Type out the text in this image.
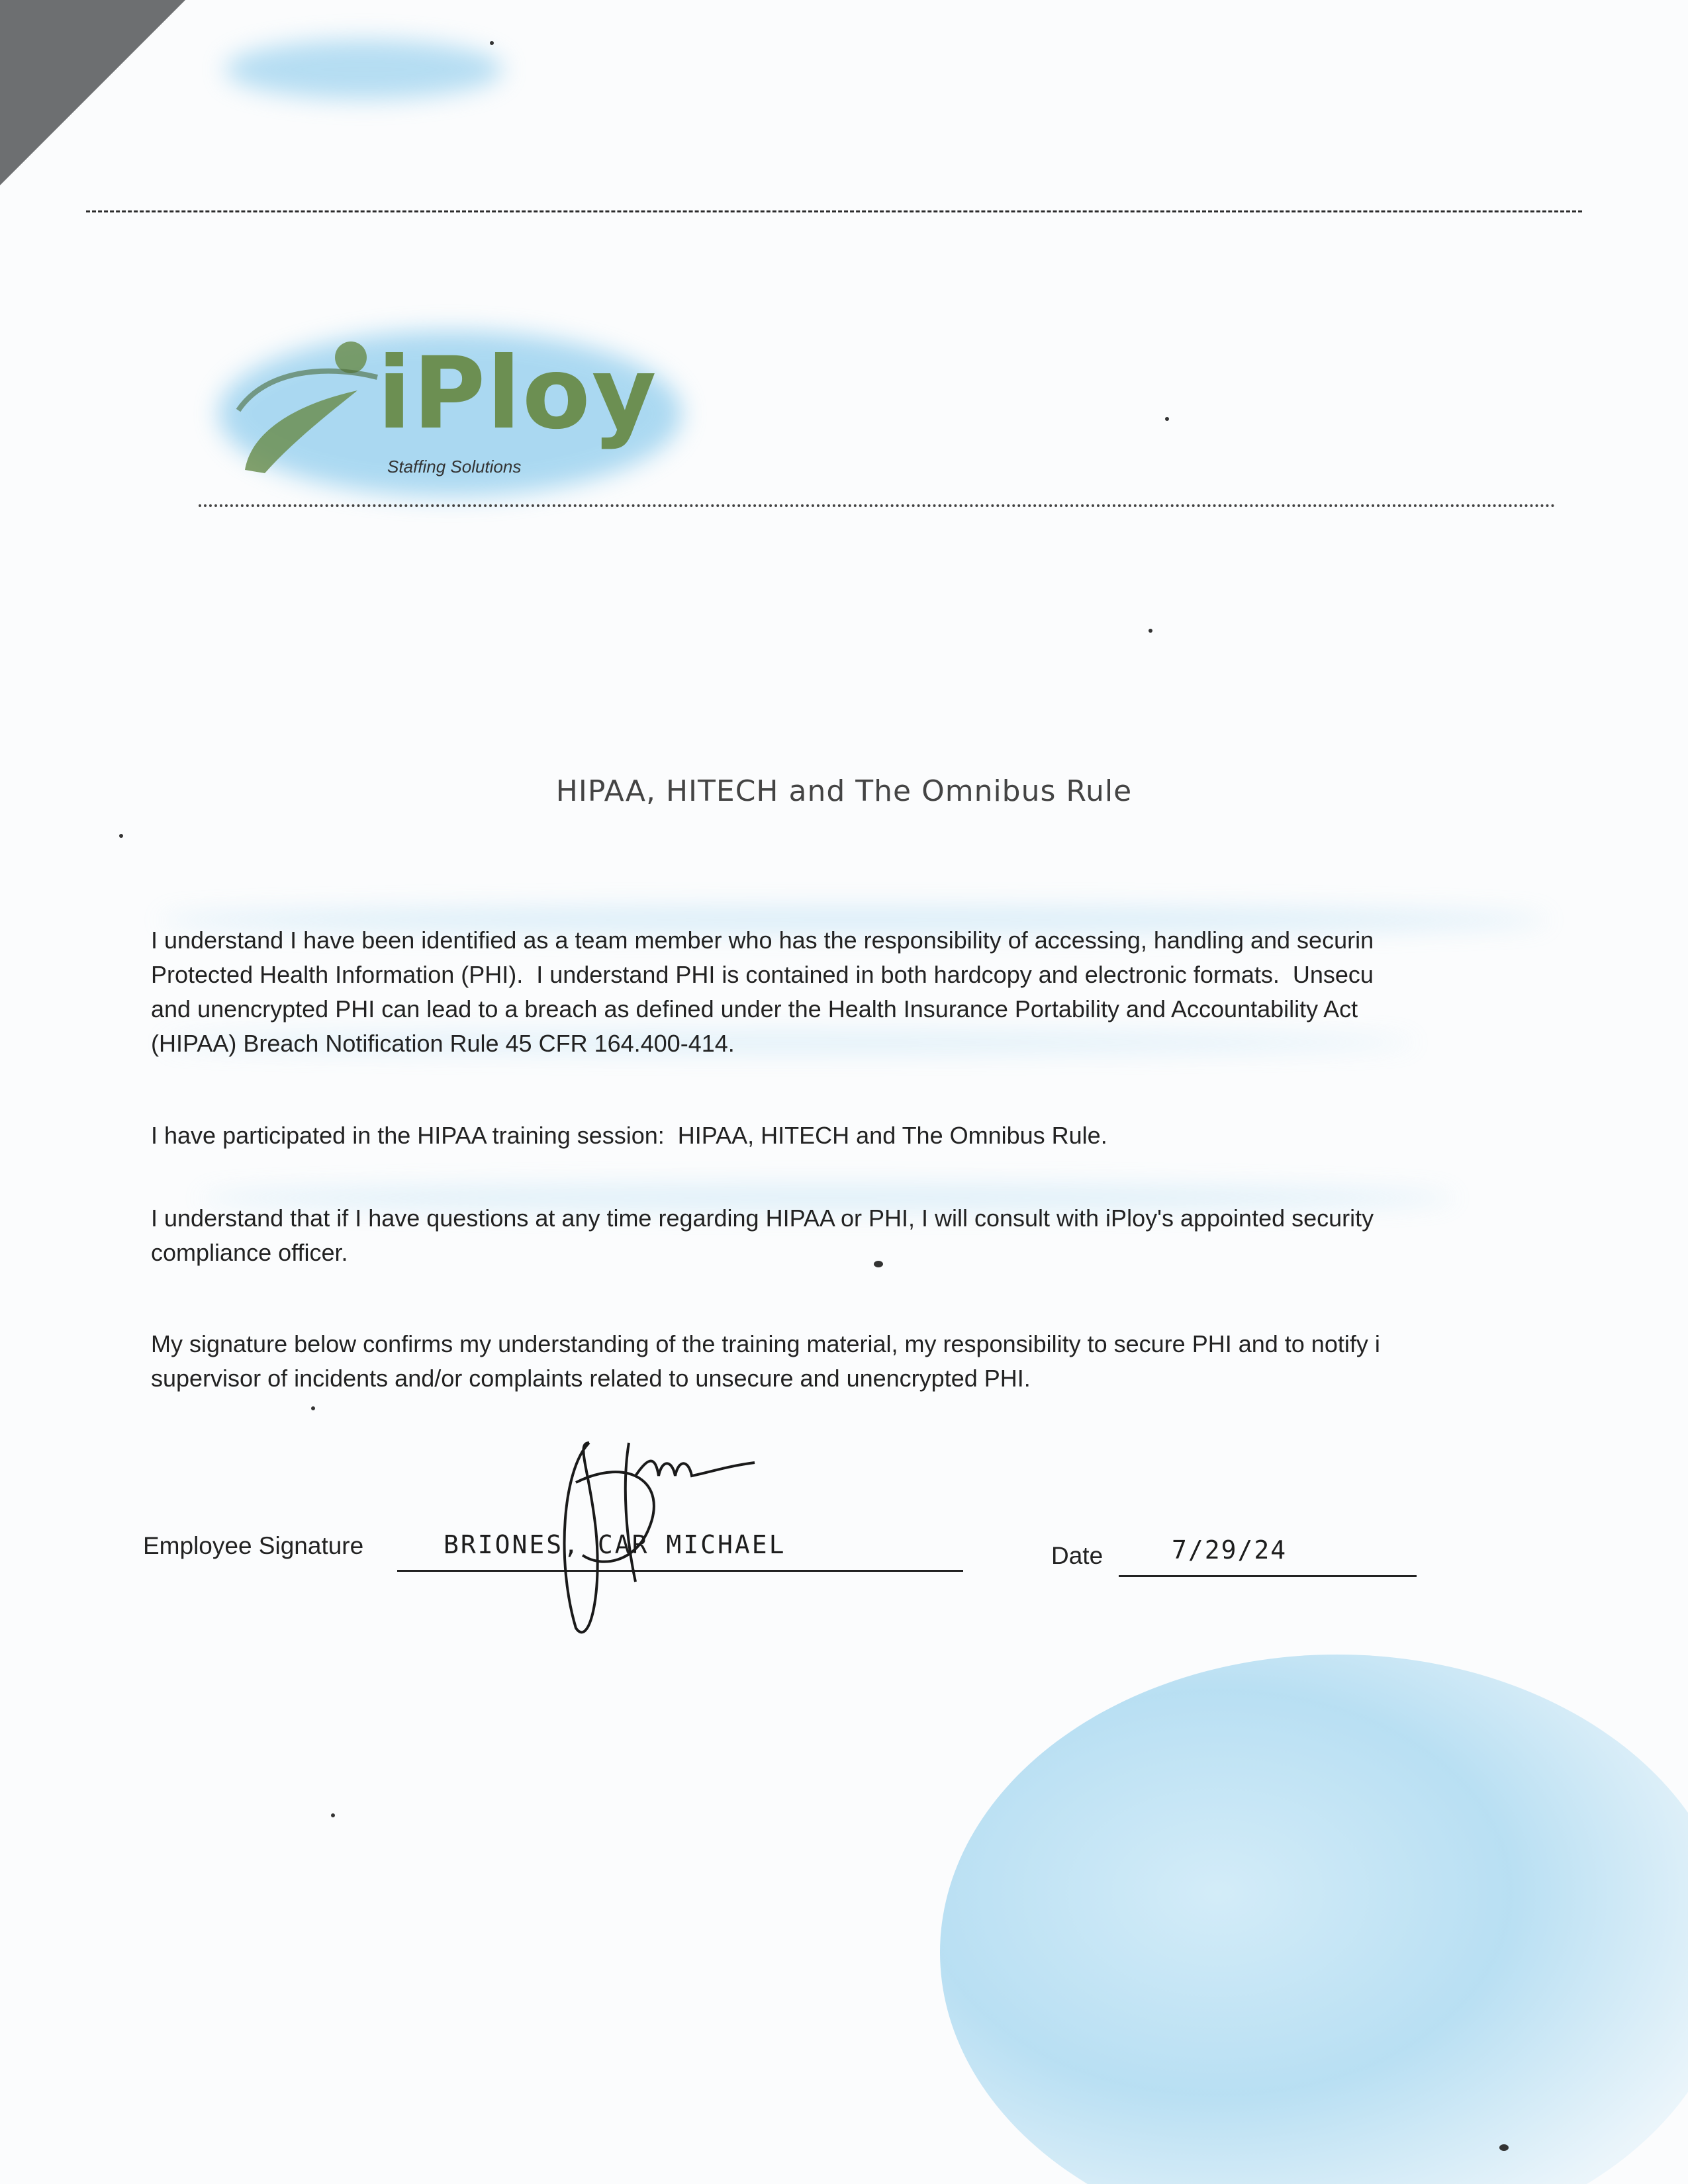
iPloy
Staffing Solutions
HIPAA, HITECH and The Omnibus Rule

I understand I have been identified as a team member who has the responsibility of accessing, handling and securin
Protected Health Information (PHI).  I understand PHI is contained in both hardcopy and electronic formats.  Unsecu
and unencrypted PHI can lead to a breach as defined under the Health Insurance Portability and Accountability Act
(HIPAA) Breach Notification Rule 45 CFR 164.400-414.

I have participated in the HIPAA training session:  HIPAA, HITECH and The Omnibus Rule.

I understand that if I have questions at any time regarding HIPAA or PHI, I will consult with iPloy's appointed security
compliance officer.

My signature below confirms my understanding of the training material, my responsibility to secure PHI and to notify i
supervisor of incidents and/or complaints related to unsecure and unencrypted PHI.

Employee Signature	BRIONES, CAR MICHAEL	Date	7/29/24
